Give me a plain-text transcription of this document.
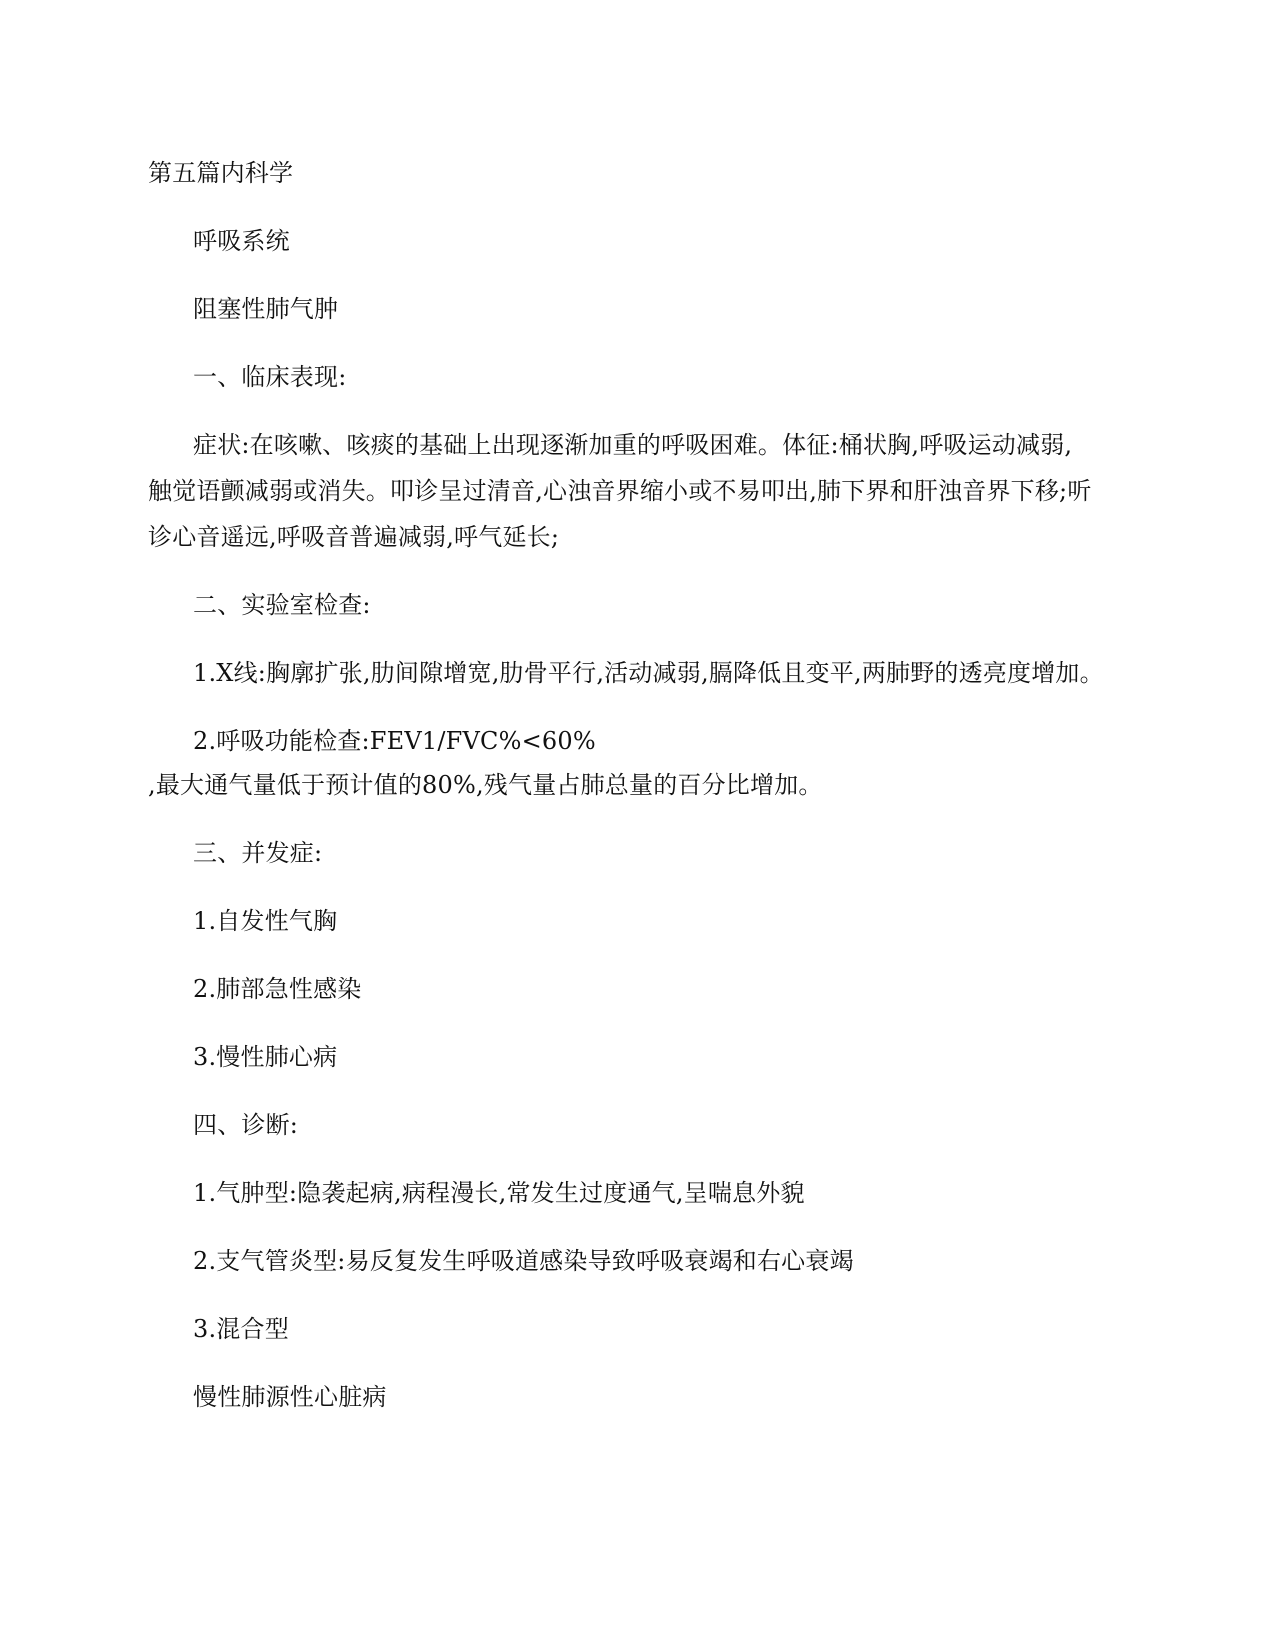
第五篇内科学
呼吸系统
阻塞性肺气肿
一、临床表现:
症状:在咳嗽、咳痰的基础上出现逐渐加重的呼吸困难。体征:桶状胸,呼吸运动减弱,
触觉语颤减弱或消失。叩诊呈过清音,心浊音界缩小或不易叩出,肺下界和肝浊音界下移;听
诊心音遥远,呼吸音普遍减弱,呼气延长;
二、实验室检查:
1.X线:胸廓扩张,肋间隙增宽,肋骨平行,活动减弱,膈降低且变平,两肺野的透亮度增加。
2.呼吸功能检查:FEV1/FVC%<60%
,最大通气量低于预计值的80%,残气量占肺总量的百分比增加。
三、并发症:
1.自发性气胸
2.肺部急性感染
3.慢性肺心病
四、诊断:
1.气肿型:隐袭起病,病程漫长,常发生过度通气,呈喘息外貌
2.支气管炎型:易反复发生呼吸道感染导致呼吸衰竭和右心衰竭
3.混合型
慢性肺源性心脏病
